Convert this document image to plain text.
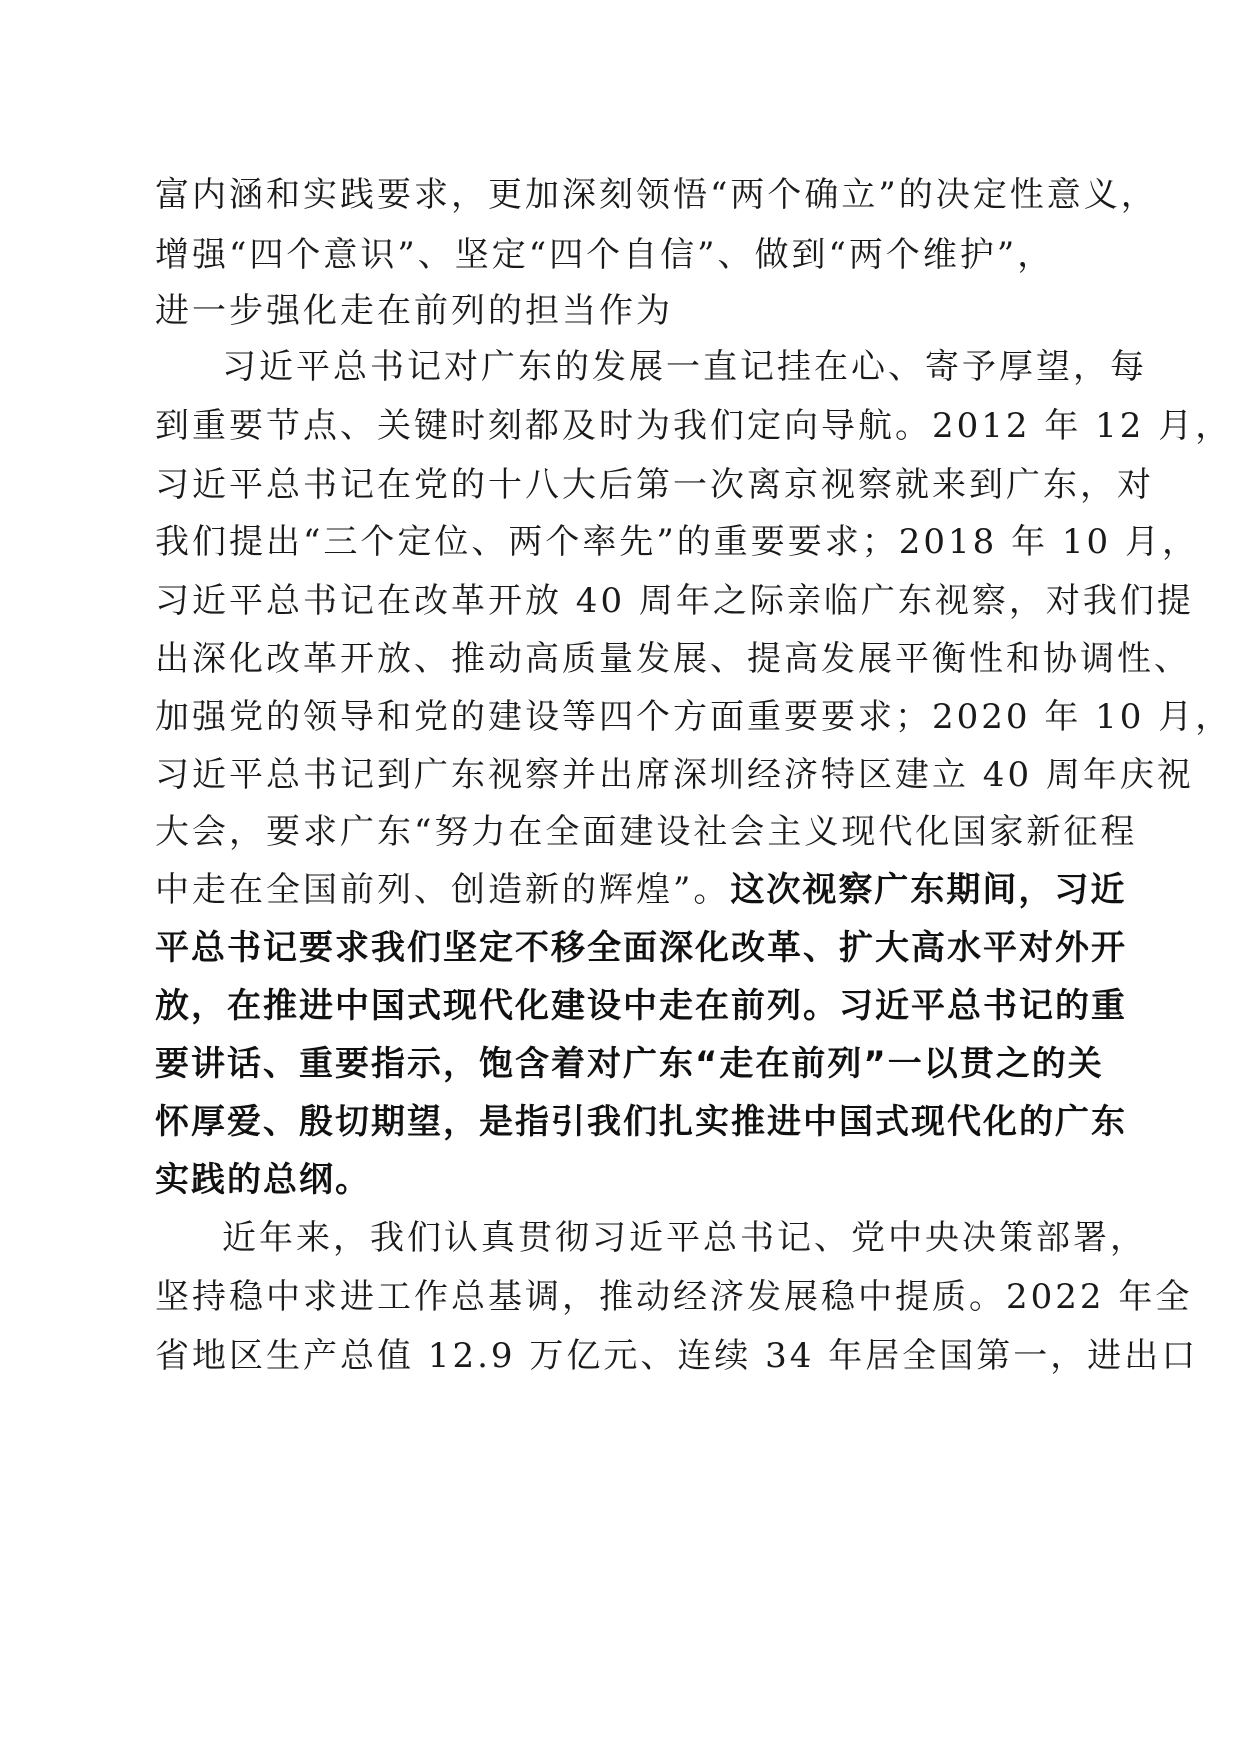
富内涵和实践要求，更加深刻领悟“两个确立”的决定性意义，
增强“四个意识”、坚定“四个自信”、做到“两个维护”，
进一步强化走在前列的担当作为
习近平总书记对广东的发展一直记挂在心、寄予厚望，每
到重要节点、关键时刻都及时为我们定向导航。2012 年 12 月，
习近平总书记在党的十八大后第一次离京视察就来到广东，对
我们提出“三个定位、两个率先”的重要要求；2018 年 10 月，
习近平总书记在改革开放 40 周年之际亲临广东视察，对我们提
出深化改革开放、推动高质量发展、提高发展平衡性和协调性、
加强党的领导和党的建设等四个方面重要要求；2020 年 10 月，
习近平总书记到广东视察并出席深圳经济特区建立 40 周年庆祝
大会，要求广东“努力在全面建设社会主义现代化国家新征程
中走在全国前列、创造新的辉煌”。这次视察广东期间，习近
平总书记要求我们坚定不移全面深化改革、扩大高水平对外开
放，在推进中国式现代化建设中走在前列。习近平总书记的重
要讲话、重要指示，饱含着对广东“走在前列”一以贯之的关
怀厚爱、殷切期望，是指引我们扎实推进中国式现代化的广东
实践的总纲。
近年来，我们认真贯彻习近平总书记、党中央决策部署，
坚持稳中求进工作总基调，推动经济发展稳中提质。2022 年全
省地区生产总值 12.9 万亿元、连续 34 年居全国第一，进出口
